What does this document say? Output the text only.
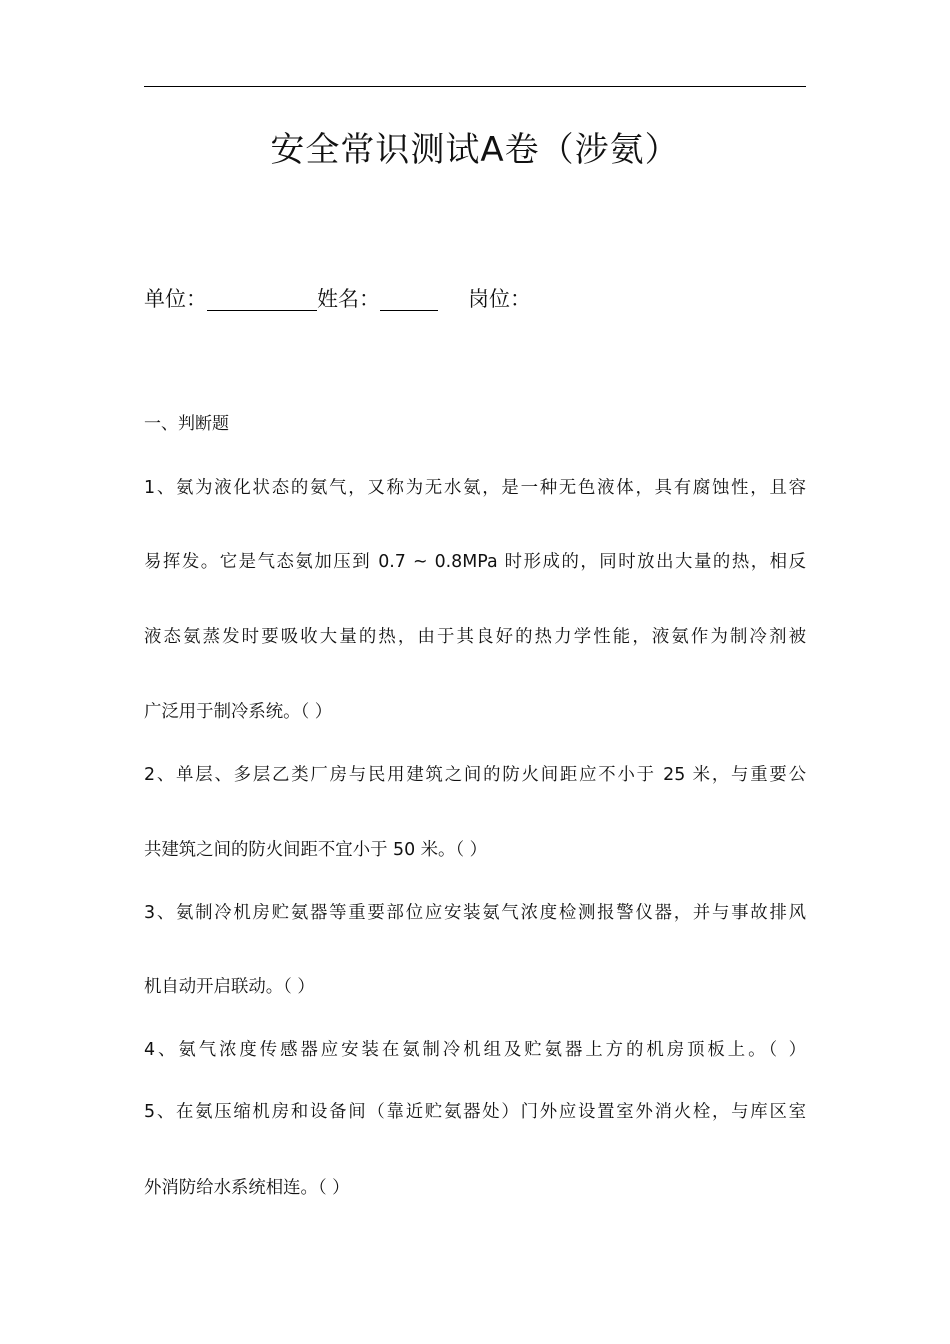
安全常识测试A卷（涉氨）
单位：	姓名：	岗位：
一、判断题
1、氨为液化状态的氨气，又称为无水氨，是一种无色液体，具有腐蚀性，且容
易挥发。它是气态氨加压到 0.7 ~ 0.8MPa 时形成的，同时放出大量的热，相反
液态氨蒸发时要吸收大量的热，由于其良好的热力学性能，液氨作为制冷剂被
广泛用于制冷系统。（ ）
2、单层、多层乙类厂房与民用建筑之间的防火间距应不小于 25 米，与重要公
共建筑之间的防火间距不宜小于 50 米。（ ）
3、氨制冷机房贮氨器等重要部位应安装氨气浓度检测报警仪器，并与事故排风
机自动开启联动。（ ）
4、氨气浓度传感器应安装在氨制冷机组及贮氨器上方的机房顶板上。（ ）
5、在氨压缩机房和设备间（靠近贮氨器处）门外应设置室外消火栓，与库区室
外消防给水系统相连。（ ）
